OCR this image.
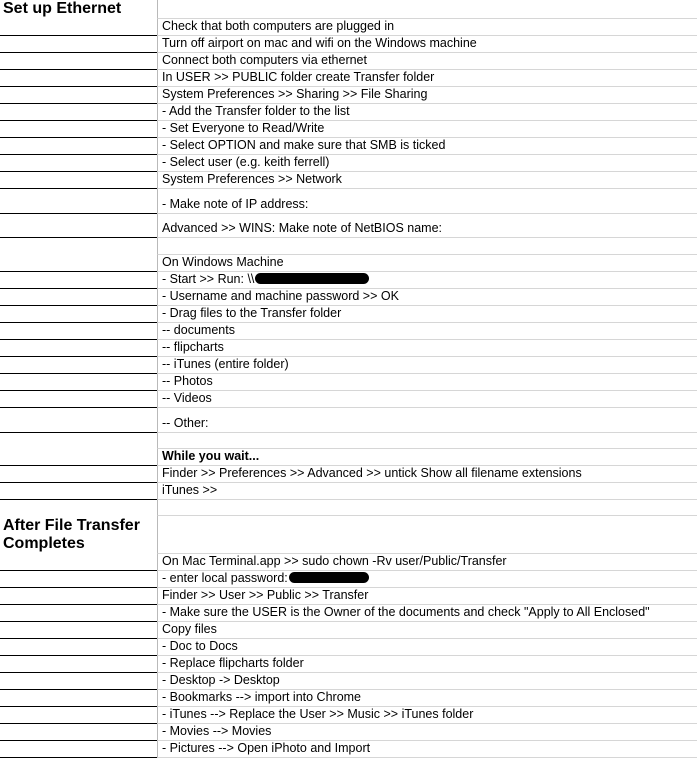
Set up Ethernet
Check that both computers are plugged in
Turn off airport on mac and wifi on the Windows machine
Connect both computers via ethernet
In USER >> PUBLIC folder create Transfer folder
System Preferences >> Sharing >> File Sharing
- Add the Transfer folder to the list
- Set Everyone to Read/Write
- Select OPTION and make sure that SMB is ticked
- Select user (e.g. keith ferrell)
System Preferences >> Network
- Make note of IP address:
Advanced >> WINS: Make note of NetBIOS name:
On Windows Machine
- Start >> Run: \\
- Username and machine password >> OK
- Drag files to the Transfer folder
-- documents
-- flipcharts
-- iTunes (entire folder)
-- Photos
-- Videos
-- Other:
While you wait...
Finder >> Preferences >> Advanced >> untick Show all filename extensions
iTunes >>
After File Transfer
Completes
On Mac Terminal.app >> sudo chown -Rv user/Public/Transfer
- enter local password:
Finder >> User >> Public >> Transfer
- Make sure the USER is the Owner of the documents and check "Apply to All Enclosed"
Copy files
- Doc to Docs
- Replace flipcharts folder
- Desktop -> Desktop
- Bookmarks --> import into Chrome
- iTunes --> Replace the User >> Music >> iTunes folder
- Movies --> Movies
- Pictures --> Open iPhoto and Import
